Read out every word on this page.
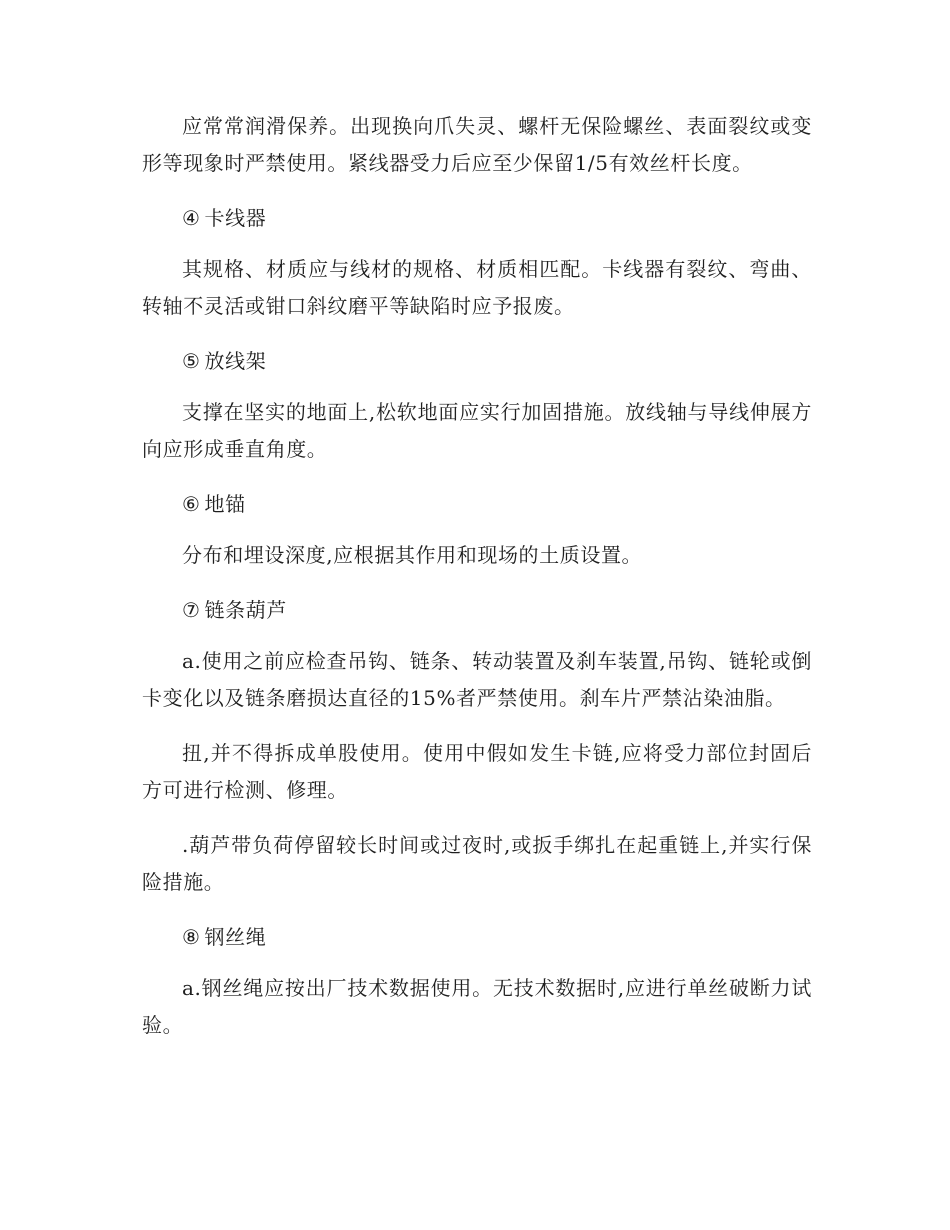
应常常润滑保养。出现换向爪失灵、螺杆无保险螺丝、表面裂纹或变形等现象时严禁使用。紧线器受力后应至少保留1/5有效丝杆长度。

④ 卡线器

其规格、材质应与线材的规格、材质相匹配。卡线器有裂纹、弯曲、转轴不灵活或钳口斜纹磨平等缺陷时应予报废。

⑤ 放线架

支撑在坚实的地面上,松软地面应实行加固措施。放线轴与导线伸展方向应形成垂直角度。

⑥ 地锚

分布和埋设深度,应根据其作用和现场的土质设置。

⑦ 链条葫芦

a.使用之前应检查吊钩、链条、转动装置及刹车装置,吊钩、链轮或倒卡变化以及链条磨损达直径的15%者严禁使用。刹车片严禁沾染油脂。

扭,并不得拆成单股使用。使用中假如发生卡链,应将受力部位封固后方可进行检测、修理。

.葫芦带负荷停留较长时间或过夜时,或扳手绑扎在起重链上,并实行保险措施。

⑧ 钢丝绳

a.钢丝绳应按出厂技术数据使用。无技术数据时,应进行单丝破断力试验。
